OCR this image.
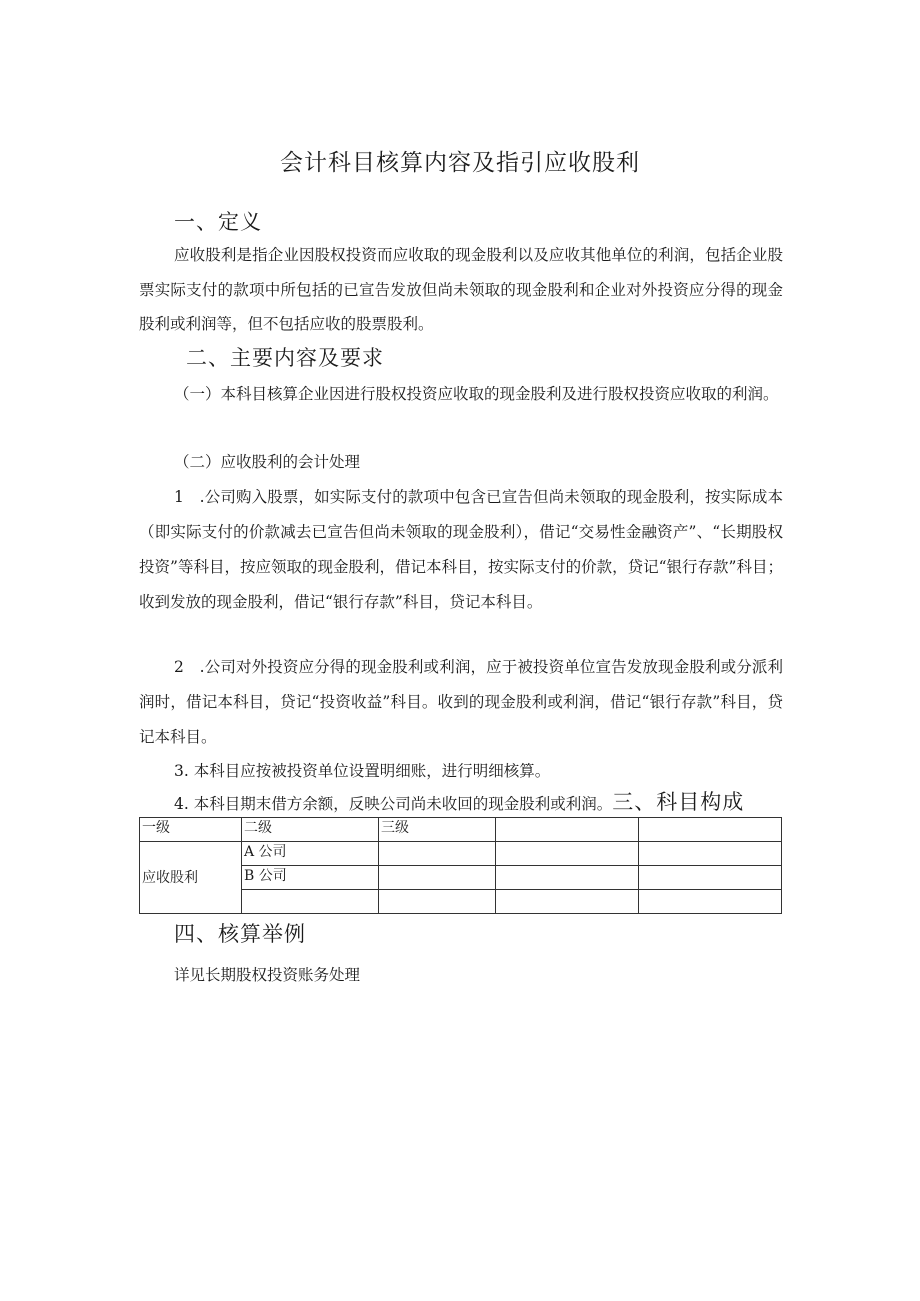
会计科目核算内容及指引应收股利
一、定义
应收股利是指企业因股权投资而应收取的现金股利以及应收其他单位的利润，包括企业股票实际支付的款项中所包括的已宣告发放但尚未领取的现金股利和企业对外投资应分得的现金股利或利润等，但不包括应收的股票股利。
二、主要内容及要求
（一）本科目核算企业因进行股权投资应收取的现金股利及进行股权投资应收取的利润。
（二）应收股利的会计处理
1　.公司购入股票，如实际支付的款项中包含已宣告但尚未领取的现金股利，按实际成本（即实际支付的价款减去已宣告但尚未领取的现金股利），借记“交易性金融资产”、“长期股权投资”等科目，按应领取的现金股利，借记本科目，按实际支付的价款，贷记“银行存款”科目；收到发放的现金股利，借记“银行存款”科目，贷记本科目。
2　.公司对外投资应分得的现金股利或利润，应于被投资单位宣告发放现金股利或分派利润时，借记本科目，贷记“投资收益”科目。收到的现金股利或利润，借记“银行存款”科目，贷记本科目。
3. 本科目应按被投资单位设置明细账，进行明细核算。
4. 本科目期末借方余额，反映公司尚未收回的现金股利或利润。三、科目构成
一级	二级	三级		
应收股利	A 公司			
	B 公司			

四、核算举例
详见长期股权投资账务处理
